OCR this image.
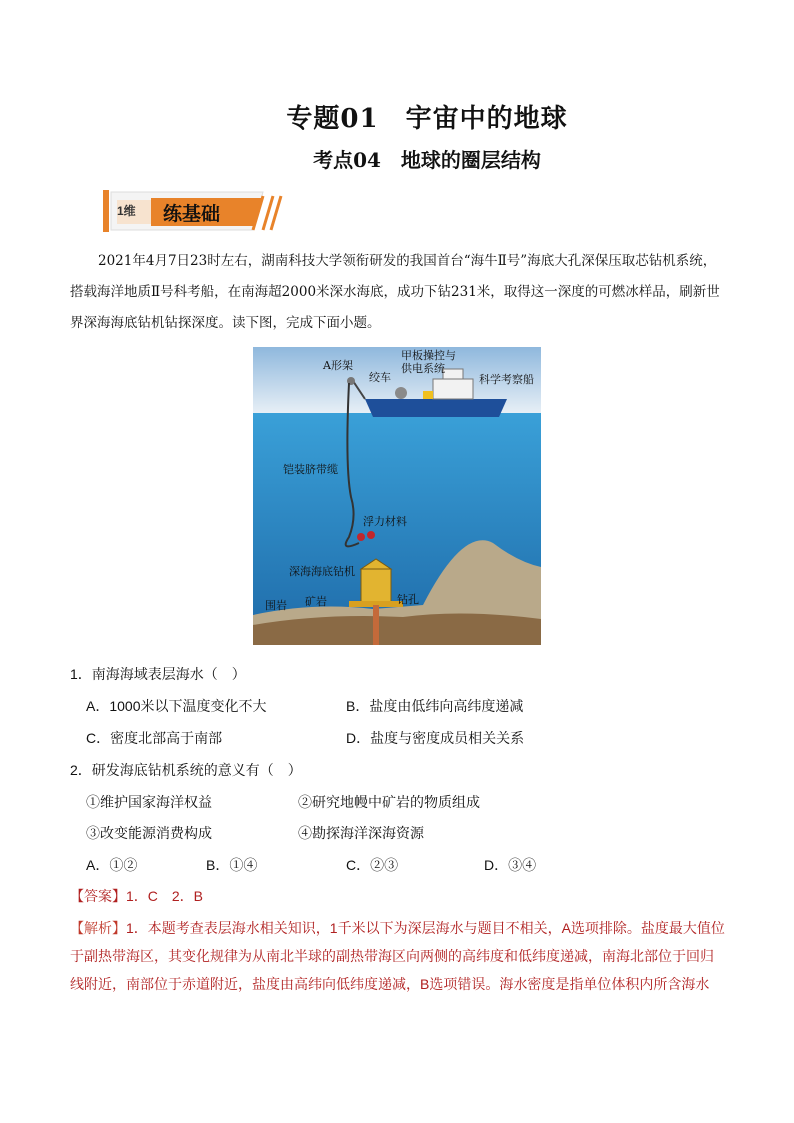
专题01　宇宙中的地球
考点04　地球的圈层结构
1维 练基础
2021年4月7日23时左右，湖南科技大学领衔研发的我国首台“海牛Ⅱ号”海底大孔深保压取芯钻机系统，搭载海洋地质Ⅱ号科考船，在南海超2000米深水海底，成功下钻231米，取得这一深度的可燃冰样品，刷新世界深海海底钻机钻探深度。读下图，完成下面小题。
A形架
绞车
甲板操控与
供电系统
科学考察船
铠装脐带缆
浮力材料
深海海底钻机
钻孔
围岩 矿岩
1．南海海域表层海水（　）
A．1000米以下温度变化不大	B．盐度由低纬向高纬度递减
C．密度北部高于南部	D．盐度与密度成员相关关系
2．研发海底钻机系统的意义有（　）
①维护国家海洋权益	②研究地幔中矿岩的物质组成
③改变能源消费构成	④勘探海洋深海资源
A．①②	B．①④	C．②③	D．③④
【答案】1．C　2．B
【解析】1．本题考查表层海水相关知识，1千米以下为深层海水与题目不相关，A选项排除。盐度最大值位于副热带海区，其变化规律为从南北半球的副热带海区向两侧的高纬度和低纬度递减，南海北部位于回归线附近，南部位于赤道附近，盐度由高纬向低纬度递减，B选项错误。海水密度是指单位体积内所含海水
